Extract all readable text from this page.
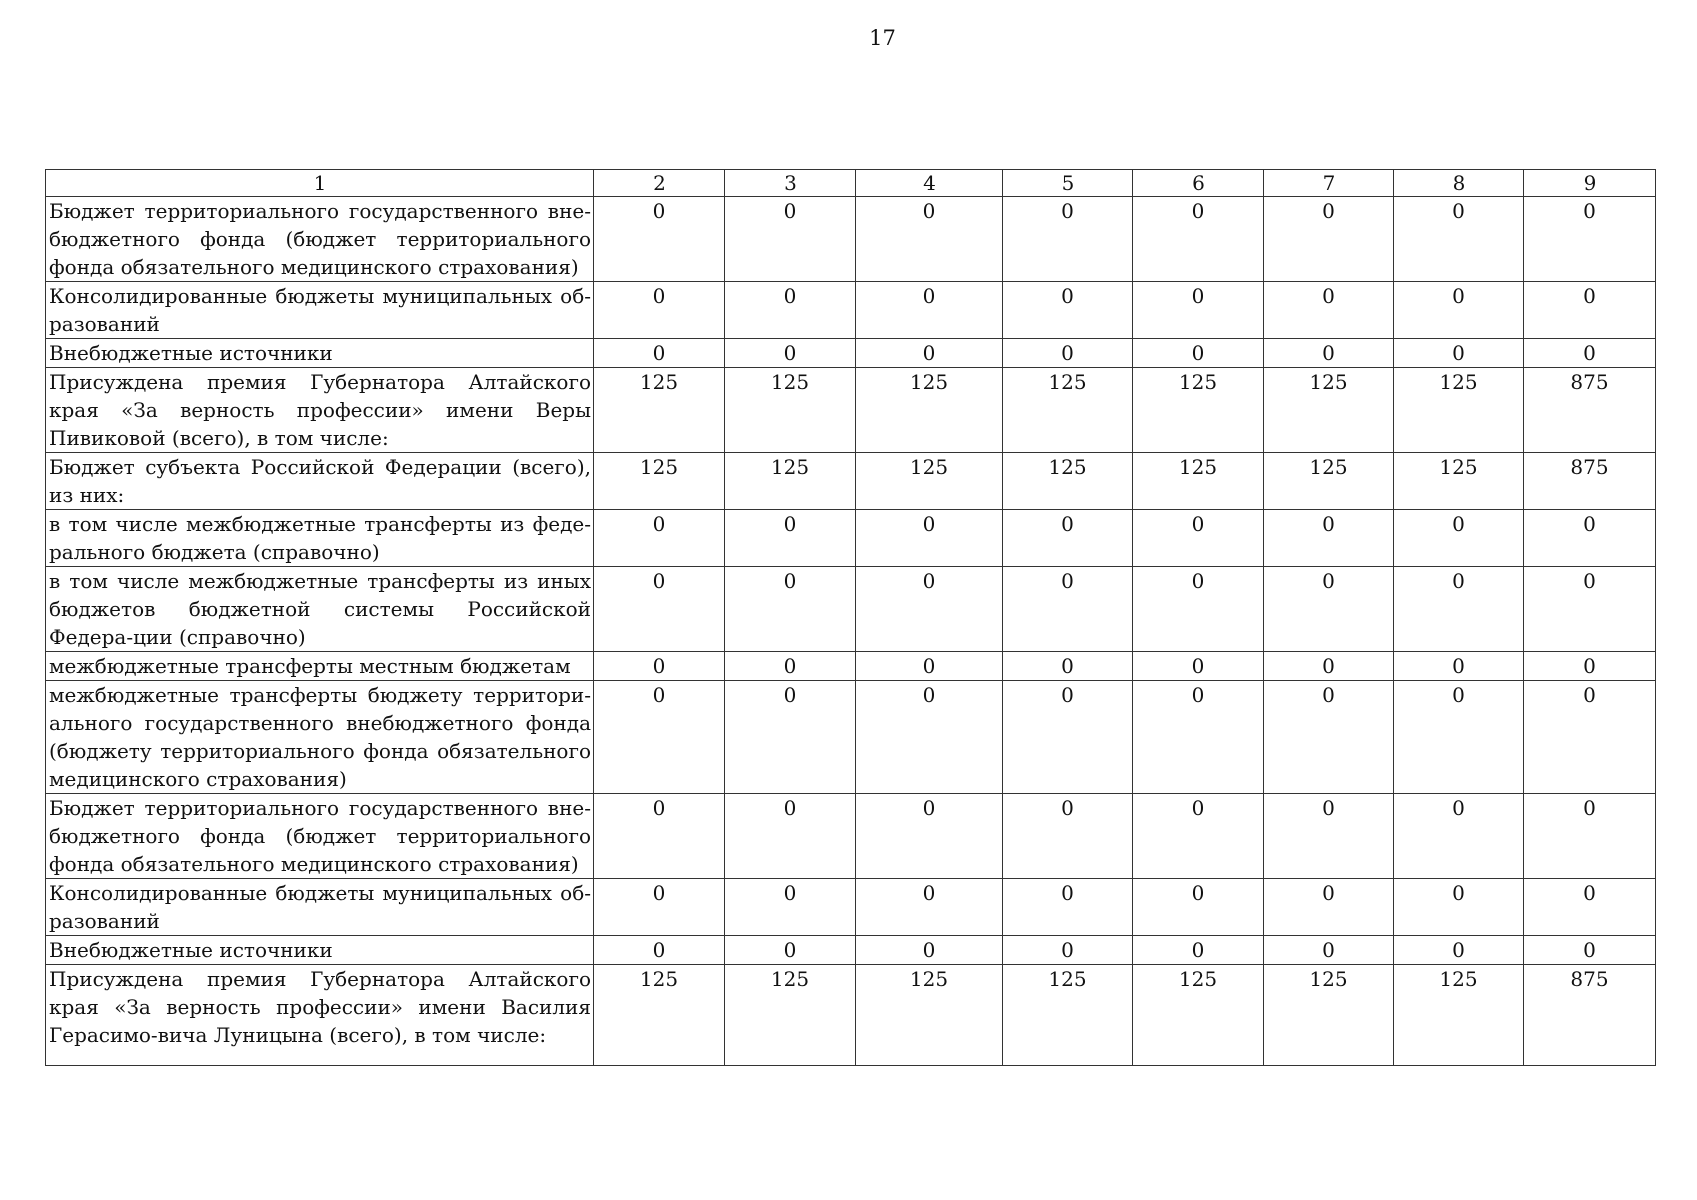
17
1	2	3	4	5	6	7	8	9
Бюджет территориального государственного вне-бюджетного фонда (бюджет территориального фонда обязательного медицинского страхования)	0	0	0	0	0	0	0	0
Консолидированные бюджеты муниципальных об-разований	0	0	0	0	0	0	0	0
Внебюджетные источники	0	0	0	0	0	0	0	0
Присуждена премия Губернатора Алтайского края «За верность профессии» имени Веры Пивиковой (всего), в том числе:	125	125	125	125	125	125	125	875
Бюджет субъекта Российской Федерации (всего), из них:	125	125	125	125	125	125	125	875
в том числе межбюджетные трансферты из феде-рального бюджета (справочно)	0	0	0	0	0	0	0	0
в том числе межбюджетные трансферты из иных бюджетов бюджетной системы Российской Федера-ции (справочно)	0	0	0	0	0	0	0	0
межбюджетные трансферты местным бюджетам	0	0	0	0	0	0	0	0
межбюджетные трансферты бюджету территори-ального государственного внебюджетного фонда (бюджету территориального фонда обязательного медицинского страхования)	0	0	0	0	0	0	0	0
Бюджет территориального государственного вне-бюджетного фонда (бюджет территориального фонда обязательного медицинского страхования)	0	0	0	0	0	0	0	0
Консолидированные бюджеты муниципальных об-разований	0	0	0	0	0	0	0	0
Внебюджетные источники	0	0	0	0	0	0	0	0
Присуждена премия Губернатора Алтайского края «За верность профессии» имени Василия Герасимо-вича Луницына (всего), в том числе:	125	125	125	125	125	125	125	875
